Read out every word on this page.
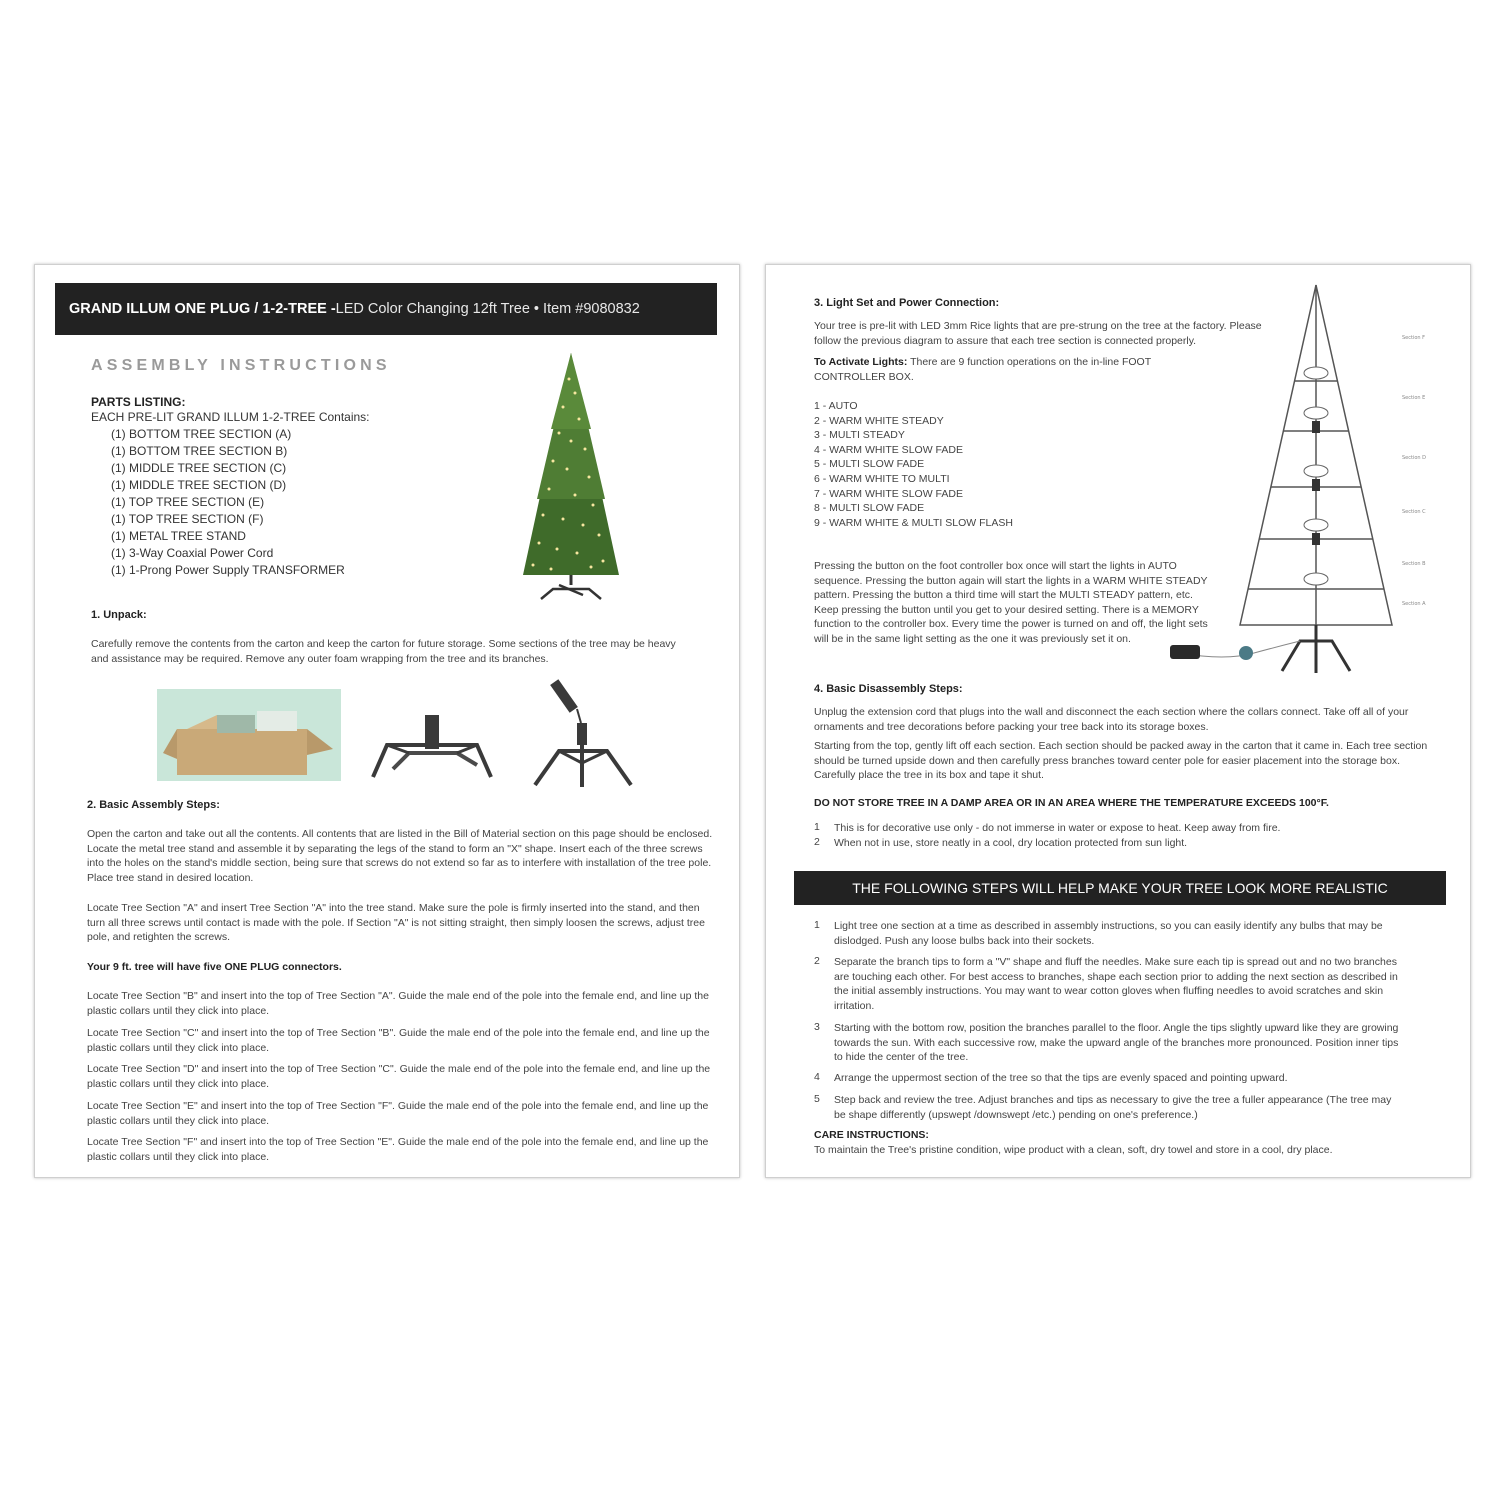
GRAND ILLUM ONE PLUG / 1-2-TREE - LED Color Changing 12ft Tree • Item #9080832
ASSEMBLY INSTRUCTIONS
PARTS LISTING:
EACH PRE-LIT GRAND ILLUM 1-2-TREE Contains:
(1) BOTTOM TREE SECTION (A)
(1) BOTTOM TREE SECTION B)
(1) MIDDLE TREE SECTION (C)
(1) MIDDLE TREE SECTION (D)
(1) TOP TREE SECTION (E)
(1) TOP TREE SECTION (F)
(1) METAL TREE STAND
(1) 3-Way Coaxial Power Cord
(1) 1-Prong Power Supply TRANSFORMER
1. Unpack:

Carefully remove the contents from the carton and keep the carton for future storage. Some sections of the tree may be heavy and assistance may be required. Remove any outer foam wrapping from the tree and its branches.

2. Basic Assembly Steps:

Open the carton and take out all the contents. All contents that are listed in the Bill of Material section on this page should be enclosed. Locate the metal tree stand and assemble it by separating the legs of the stand to form an "X" shape. Insert each of the three screws into the holes on the stand's middle section, being sure that screws do not extend so far as to interfere with installation of the tree pole. Place tree stand in desired location.

Locate Tree Section "A" and insert Tree Section "A" into the tree stand. Make sure the pole is firmly inserted into the stand, and then turn all three screws until contact is made with the pole. If Section "A" is not sitting straight, then simply loosen the screws, adjust tree pole, and retighten the screws.

Your 9 ft. tree will have five ONE PLUG connectors.

Locate Tree Section "B" and insert into the top of Tree Section "A". Guide the male end of the pole into the female end, and line up the plastic collars until they click into place.

Locate Tree Section "C" and insert into the top of Tree Section "B". Guide the male end of the pole into the female end, and line up the plastic collars until they click into place.

Locate Tree Section "D" and insert into the top of Tree Section "C". Guide the male end of the pole into the female end, and line up the plastic collars until they click into place.

Locate Tree Section "E" and insert into the top of Tree Section "F". Guide the male end of the pole into the female end, and line up the plastic collars until they click into place.

Locate Tree Section "F" and insert into the top of Tree Section "E". Guide the male end of the pole into the female end, and line up the plastic collars until they click into place.

3. Light Set and Power Connection:

Your tree is pre-lit with LED 3mm Rice lights that are pre-strung on the tree at the factory. Please follow the previous diagram to assure that each tree section is connected properly.

To Activate Lights: There are 9 function operations on the in-line FOOT CONTROLLER BOX.

1 - AUTO
2 - WARM WHITE STEADY
3 - MULTI STEADY
4 - WARM WHITE SLOW FADE
5 - MULTI SLOW FADE
6 - WARM WHITE TO MULTI
7 - WARM WHITE SLOW FADE
8 - MULTI SLOW FADE
9 - WARM WHITE & MULTI SLOW FLASH

Pressing the button on the foot controller box once will start the lights in AUTO sequence. Pressing the button again will start the lights in a WARM WHITE STEADY pattern. Pressing the button a third time will start the MULTI STEADY pattern, etc. Keep pressing the button until you get to your desired setting. There is a MEMORY function to the controller box. Every time the power is turned on and off, the light sets will be in the same light setting as the one it was previously set it on.

Section F
Section E
Section D
Section C
Section B
Section A
4. Basic Disassembly Steps:

Unplug the extension cord that plugs into the wall and disconnect the each section where the collars connect. Take off all of your ornaments and tree decorations before packing your tree back into its storage boxes.

Starting from the top, gently lift off each section. Each section should be packed away in the carton that it came in. Each tree section should be turned upside down and then carefully press branches toward center pole for easier placement into the storage box. Carefully place the tree in its box and tape it shut.

DO NOT STORE TREE IN A DAMP AREA OR IN AN AREA WHERE THE TEMPERATURE EXCEEDS 100°F.
1	This is for decorative use only - do not immerse in water or expose to heat. Keep away from fire.
2	When not in use, store neatly in a cool, dry location protected from sun light.
THE FOLLOWING STEPS WILL HELP MAKE YOUR TREE LOOK MORE REALISTIC
1	Light tree one section at a time as described in assembly instructions, so you can easily identify any bulbs that may be dislodged. Push any loose bulbs back into their sockets.
2	Separate the branch tips to form a "V" shape and fluff the needles. Make sure each tip is spread out and no two branches are touching each other. For best access to branches, shape each section prior to adding the next section as described in the initial assembly instructions. You may want to wear cotton gloves when fluffing needles to avoid scratches and skin irritation.
3	Starting with the bottom row, position the branches parallel to the floor. Angle the tips slightly upward like they are growing towards the sun. With each successive row, make the upward angle of the branches more pronounced. Position inner tips to hide the center of the tree.
4	Arrange the uppermost section of the tree so that the tips are evenly spaced and pointing upward.
5	Step back and review the tree. Adjust branches and tips as necessary to give the tree a fuller appearance (The tree may be shape differently (upswept /downswept /etc.) pending on one's preference.)
CARE INSTRUCTIONS:

To maintain the Tree's pristine condition, wipe product with a clean, soft, dry towel and store in a cool, dry place.
